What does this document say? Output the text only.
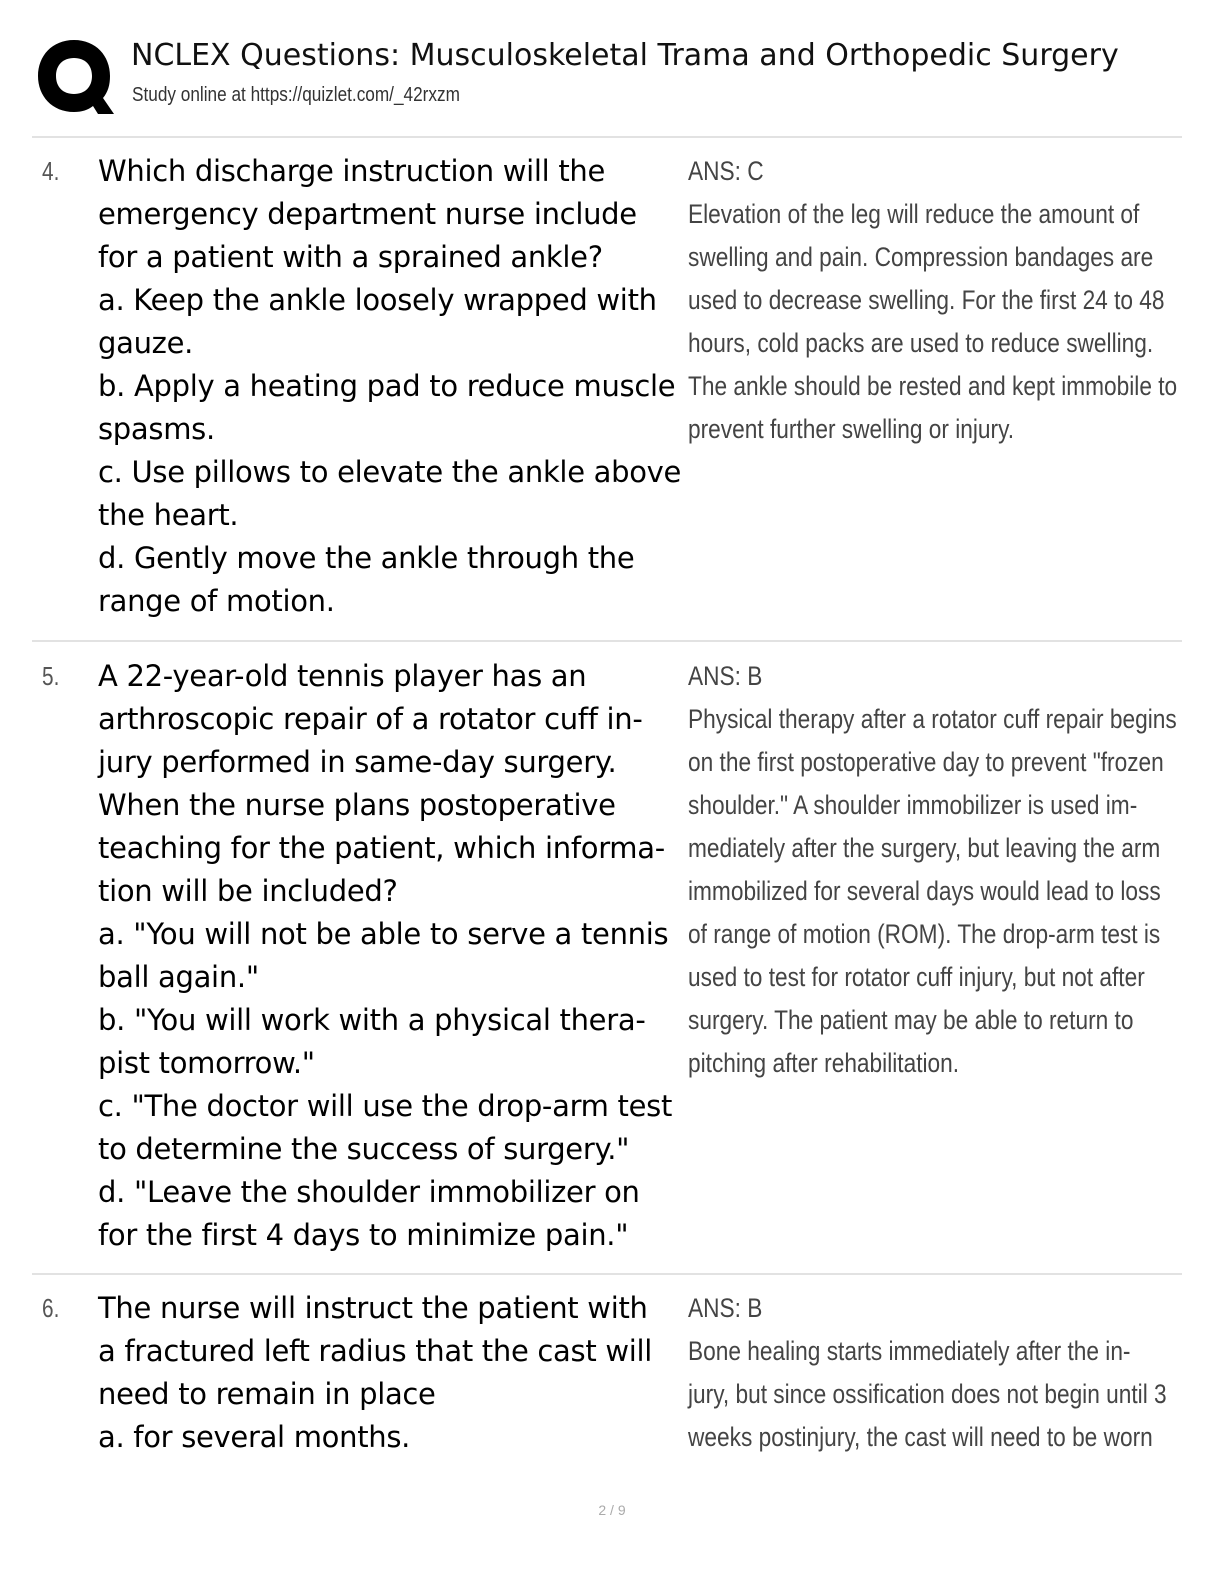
NCLEX Questions: Musculoskeletal Trama and Orthopedic Surgery
Study online at https://quizlet.com/_42rxzm
4. Which discharge instruction will the
emergency department nurse include
for a patient with a sprained ankle?
a. Keep the ankle loosely wrapped with
gauze.
b. Apply a heating pad to reduce muscle
spasms.
c. Use pillows to elevate the ankle above
the heart.
d. Gently move the ankle through the
range of motion.
ANS: C
Elevation of the leg will reduce the amount of
swelling and pain. Compression bandages are
used to decrease swelling. For the first 24 to 48
hours, cold packs are used to reduce swelling.
The ankle should be rested and kept immobile to
prevent further swelling or injury.
5. A 22-year-old tennis player has an
arthroscopic repair of a rotator cuff in-
jury performed in same-day surgery.
When the nurse plans postoperative
teaching for the patient, which informa-
tion will be included?
a. "You will not be able to serve a tennis
ball again."
b. "You will work with a physical thera-
pist tomorrow."
c. "The doctor will use the drop-arm test
to determine the success of surgery."
d. "Leave the shoulder immobilizer on
for the first 4 days to minimize pain."
ANS: B
Physical therapy after a rotator cuff repair begins
on the first postoperative day to prevent "frozen
shoulder." A shoulder immobilizer is used im-
mediately after the surgery, but leaving the arm
immobilized for several days would lead to loss
of range of motion (ROM). The drop-arm test is
used to test for rotator cuff injury, but not after
surgery. The patient may be able to return to
pitching after rehabilitation.
6. The nurse will instruct the patient with
a fractured left radius that the cast will
need to remain in place
a. for several months.
ANS: B
Bone healing starts immediately after the in-
jury, but since ossification does not begin until 3
weeks postinjury, the cast will need to be worn
2 / 9
